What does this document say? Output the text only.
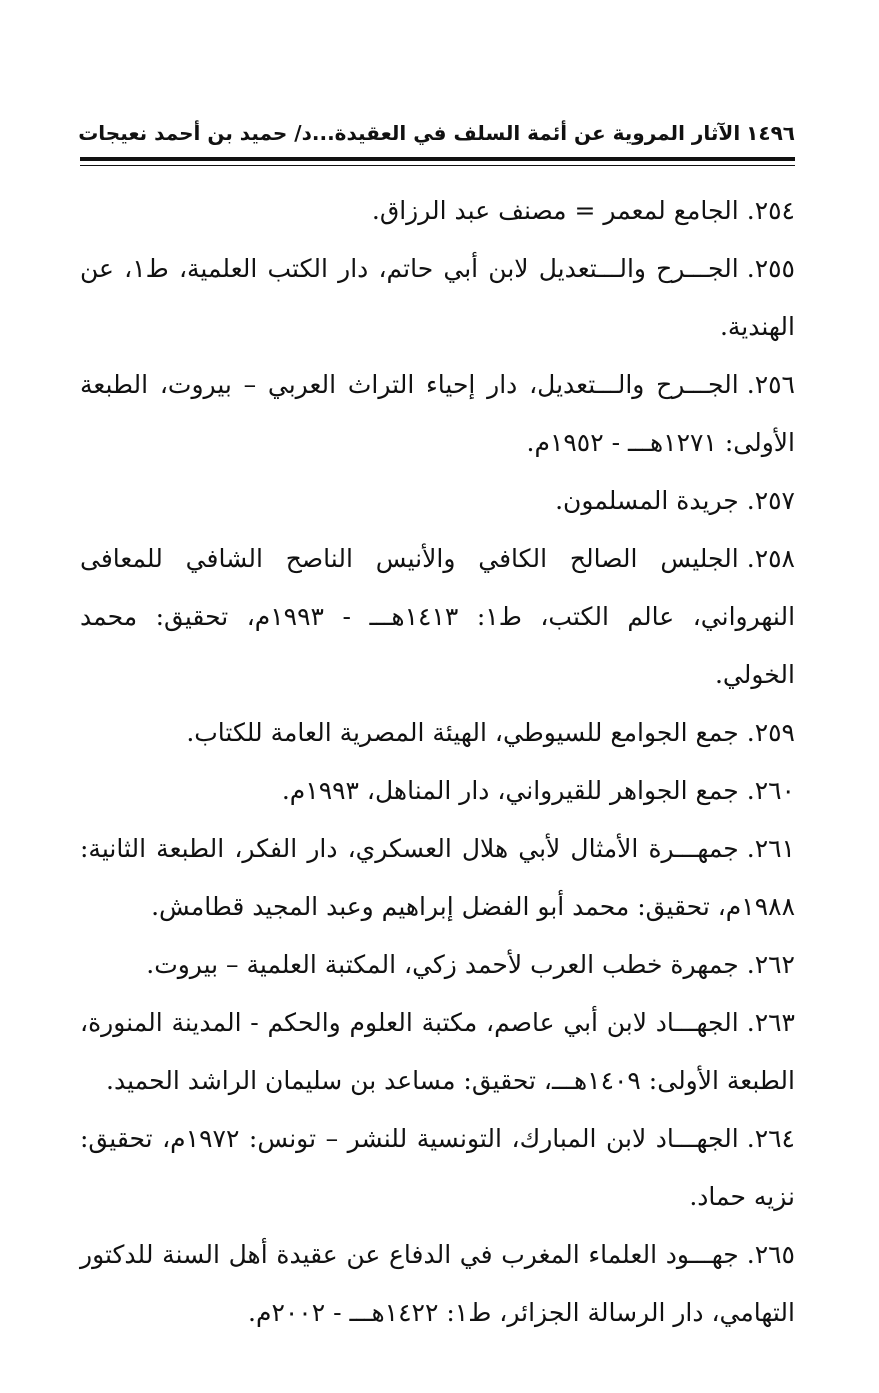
١٤٩٦الآثار المروية عن أئمة السلف في العقيدة...د/ حميد بن أحمد نعيجات
٢٥٤.الجامع لمعمر = مصنف عبد الرزاق.
٢٥٥.الجـــرح والـــتعديل لابن أبي حاتم، دار الكتب العلمية، ط١، عن الهندية.
٢٥٦.الجـــرح والـــتعديل، دار إحياء التراث العربي – بيروت، الطبعة الأولى: ١٢٧١هـــ - ١٩٥٢م.
٢٥٧.جريدة المسلمون.
٢٥٨.الجليس الصالح الكافي والأنيس الناصح الشافي للمعافى النهرواني، عالم الكتب، ط١: ١٤١٣هـــ - ١٩٩٣م، تحقيق: محمد الخولي.
٢٥٩.جمع الجوامع للسيوطي، الهيئة المصرية العامة للكتاب.
٢٦٠.جمع الجواهر للقيرواني، دار المناهل، ١٩٩٣م.
٢٦١.جمهـــرة الأمثال لأبي هلال العسكري، دار الفكر، الطبعة الثانية: ١٩٨٨م، تحقيق: محمد أبو الفضل إبراهيم وعبد المجيد قطامش.
٢٦٢.جمهرة خطب العرب لأحمد زكي، المكتبة العلمية – بيروت.
٢٦٣.الجهـــاد لابن أبي عاصم، مكتبة العلوم والحكم - المدينة المنورة، الطبعة الأولى: ١٤٠٩هـــ، تحقيق: مساعد بن سليمان الراشد الحميد.
٢٦٤.الجهـــاد لابن المبارك، التونسية للنشر – تونس: ١٩٧٢م، تحقيق: نزيه حماد.
٢٦٥.جهـــود العلماء المغرب في الدفاع عن عقيدة أهل السنة للدكتور التهامي، دار الرسالة الجزائر، ط١: ١٤٢٢هـــ - ٢٠٠٢م.
